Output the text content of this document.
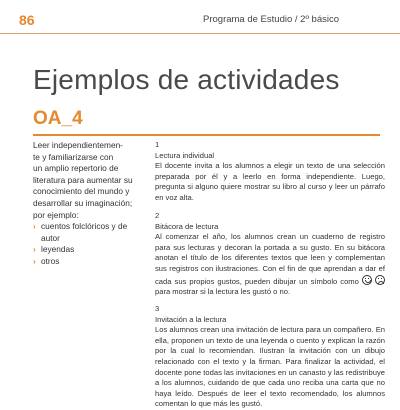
86	Programa de Estudio / 2º básico
Ejemplos de actividades
OA_4

Leer independientemen-
te y familiarizarse con
un amplio repertorio de
literatura para aumentar su
conocimiento del mundo y
desarrollar su imaginación;
por ejemplo:

› cuentos folclóricos y de
autor
› leyendas
› otros

1

Lectura individual

El docente invita a los alumnos a elegir un texto de una selección preparada por él y a leerlo en forma independiente. Luego, pregunta si alguno quiere mostrar su libro al curso y leer un párrafo en voz alta.

2

Bitácora de lectura

Al comenzar el año, los alumnos crean un cuaderno de registro para sus lecturas y decoran la portada a su gusto. En su bitácora anotan el título de los diferentes textos que leen y complementan sus registros con ilustraciones. Con el fin de que aprendan a dar ef cada sus propios gustos, pueden dibujar un símbolo como

para mostrar si la lectura les gustó o no.

3

Invitación a la lectura

Los alumnos crean una invitación de lectura para un compañero. En ella, proponen un texto de una leyenda o cuento y explican la razón por la cual lo recomiendan. Ilustran la invitación con un dibujo relacionado con el texto y la firman. Para finalizar la actividad, el docente pone todas las invitaciones en un canasto y las redistribuye a los alumnos, cuidando de que cada uno reciba una carta que no haya leído. Después de leer el texto recomendado, los alumnos comentan lo que más les gustó.
